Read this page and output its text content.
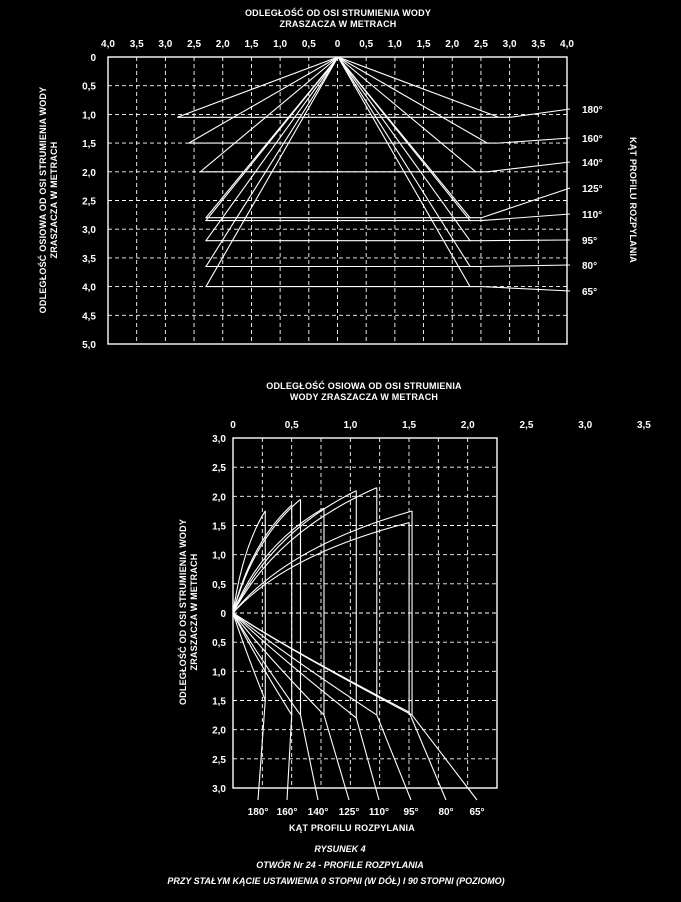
ODLEGŁOŚĆ OD OSI STRUMIENIA WODY
ZRASZACZA W METRACH
4,0 3,5 3,0 2,5 2,0 1,5 1,0 0,5 0 0,5 1,0 1,5 2,0 2,5 3,0 3,5 4,0
0
0,5
1,0
1,5
2,0
2,5
3,0
3,5
4,0
4,5
5,0
180°
160°
140°
125°
110°
95°
80°
65°
ODLEGŁOŚĆ OSIOWA OD OSI STRUMIENIA WODY ZRASZACZA W METRACH	KĄT PROFILU ROZPYLANIA
ODLEGŁOŚĆ OSIOWA OD OSI STRUMIENIA
WODY ZRASZACZA W METRACH
0	0,5	1,0	1,5	2,0	2,5	3,0	3,5
3,0
2,5
2,0
1,5
1,0
0,5
0
0,5
1,0
1,5
2,0
2,5
3,0
180° 160° 140° 125° 110° 95° 80° 65°
KĄT PROFILU ROZPYLANIA
ODLEGŁOŚĆ OD OSI STRUMIENIA WODY ZRASZACZA W METRACH
RYSUNEK 4
OTWÓR Nr 24 - PROFILE ROZPYLANIA
PRZY STAŁYM KĄCIE USTAWIENIA 0 STOPNI (W DÓŁ) I 90 STOPNI (POZIOMO)
